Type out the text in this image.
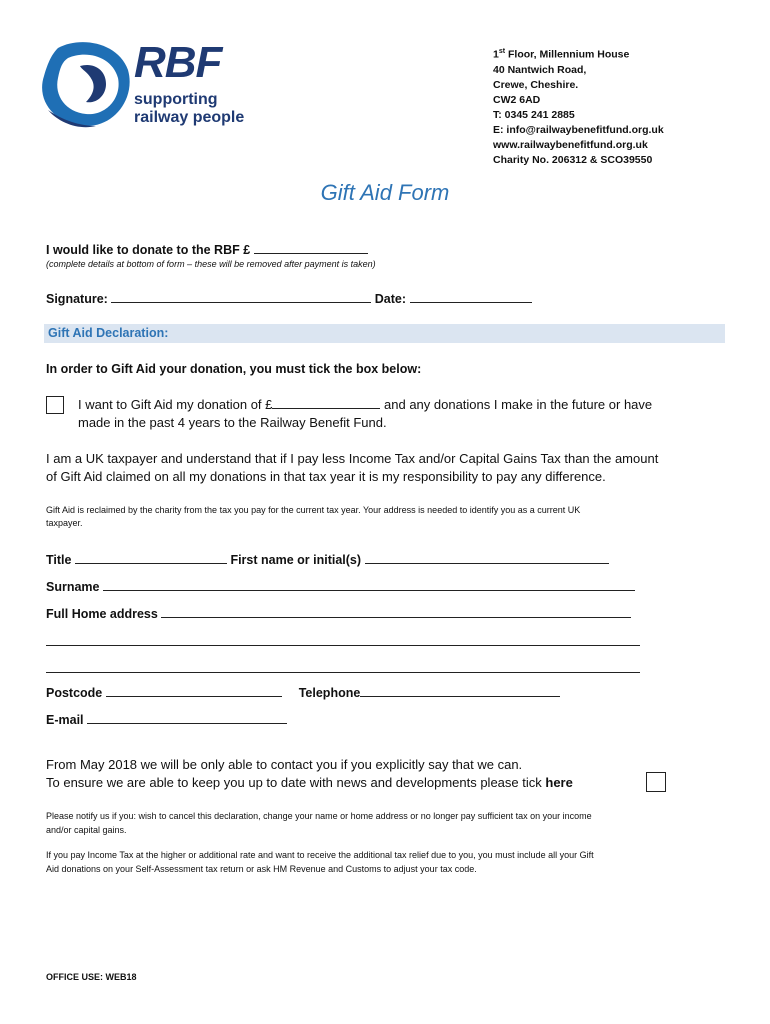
RBF
supporting
railway people
1st Floor, Millennium House
40 Nantwich Road,
Crewe, Cheshire.
CW2 6AD
T: 0345 241 2885
E: info@railwaybenefitfund.org.uk
www.railwaybenefitfund.org.uk
Charity No. 206312 & SCO39550
Gift Aid Form
I would like to donate to the RBF £
(complete details at bottom of form – these will be removed after payment is taken)
Signature:	Date:
Gift Aid Declaration:
In order to Gift Aid your donation, you must tick the box below:
I want to Gift Aid my donation of £	and any donations I make in the future or have
made in the past 4 years to the Railway Benefit Fund.
I am a UK taxpayer and understand that if I pay less Income Tax and/or Capital Gains Tax than the amount
of Gift Aid claimed on all my donations in that tax year it is my responsibility to pay any difference.
Gift Aid is reclaimed by the charity from the tax you pay for the current tax year. Your address is needed to identify you as a current UK
taxpayer.
Title	First name or initial(s)
Surname
Full Home address
Postcode	Telephone
E-mail
From May 2018 we will be only able to contact you if you explicitly say that we can.
To ensure we are able to keep you up to date with news and developments please tick here
Please notify us if you: wish to cancel this declaration, change your name or home address or no longer pay sufficient tax on your income
and/or capital gains.
If you pay Income Tax at the higher or additional rate and want to receive the additional tax relief due to you, you must include all your Gift
Aid donations on your Self-Assessment tax return or ask HM Revenue and Customs to adjust your tax code.
OFFICE USE: WEB18
